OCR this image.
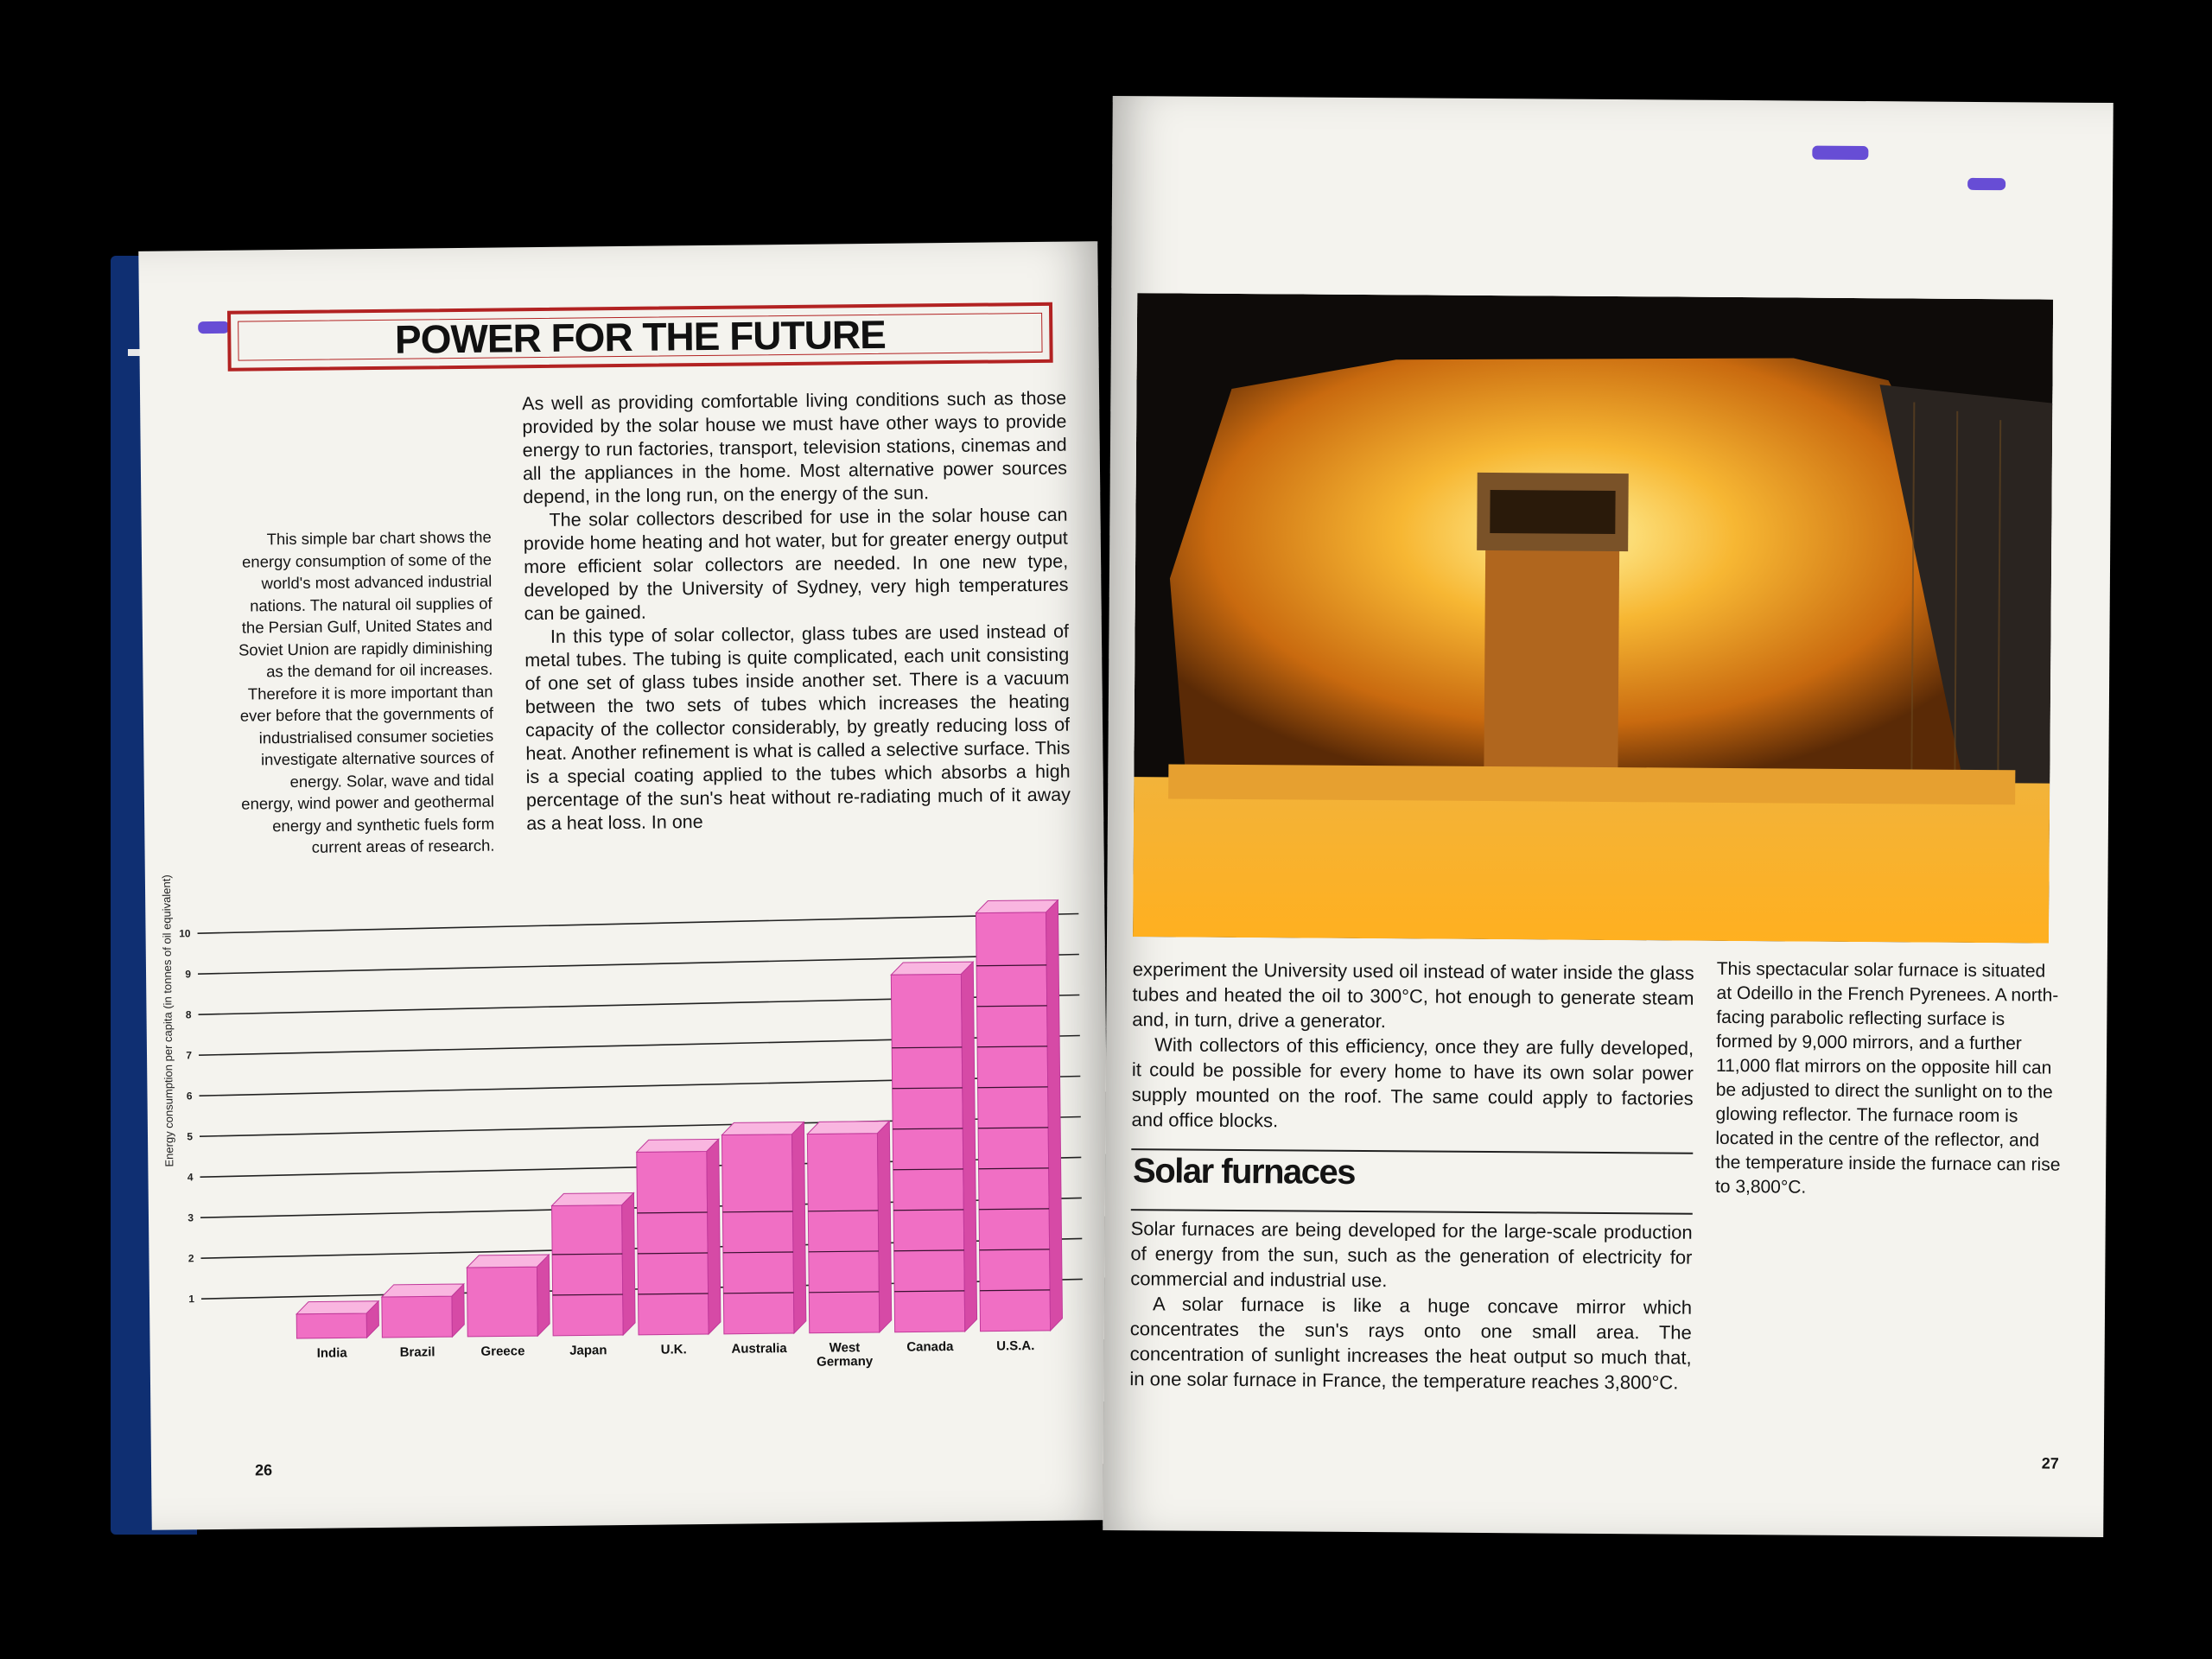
POWER FOR THE FUTURE

As well as providing comfortable living conditions such as those provided by the solar house we must have other ways to provide energy to run factories, transport, television stations, cinemas and all the appliances in the home. Most alternative power sources depend, in the long run, on the energy of the sun.

The solar collectors described for use in the solar house can provide home heating and hot water, but for greater energy output more efficient solar collectors are needed. In one new type, developed by the University of Sydney, very high temperatures can be gained.

In this type of solar collector, glass tubes are used instead of metal tubes. The tubing is quite complicated, each unit consisting of one set of glass tubes inside another set. There is a vacuum between the two sets of tubes which increases the heating capacity of the collector considerably, by greatly reducing loss of heat. Another refinement is what is called a selective surface. This is a special coating applied to the tubes which absorbs a high percentage of the sun's heat without re-radiating much of it away as a heat loss. In one

This simple bar chart shows the energy consumption of some of the world's most advanced industrial nations. The natural oil supplies of the Persian Gulf, United States and Soviet Union are rapidly diminishing as the demand for oil increases. Therefore it is more important than ever before that the governments of industrialised consumer societies investigate alternative sources of energy. Solar, wave and tidal energy, wind power and geothermal energy and synthetic fuels form current areas of research.
1
2
3
4
5
6
7
8
9
10
India	Brazil	Greece	Japan	U.K.	Australia	West
Germany
Canada	U.S.A.
Energy consumption per capita (in tonnes of oil equivalent)
26

experiment the University used oil instead of water inside the glass tubes and heated the oil to 300°C, hot enough to generate steam and, in turn, drive a generator.

With collectors of this efficiency, once they are fully developed, it could be possible for every home to have its own solar power supply mounted on the roof. The same could apply to factories and office blocks.

Solar furnaces

Solar furnaces are being developed for the large-scale production of energy from the sun, such as the generation of electricity for commercial and industrial use.

A solar furnace is like a huge concave mirror which concentrates the sun's rays onto one small area. The concentration of sunlight increases the heat output so much that, in one solar furnace in France, the temperature reaches 3,800°C.

This spectacular solar furnace is situated at Odeillo in the French Pyrenees. A north-facing parabolic reflecting surface is formed by 9,000 mirrors, and a further 11,000 flat mirrors on the opposite hill can be adjusted to direct the sunlight on to the glowing reflector. The furnace room is located in the centre of the reflector, and the temperature inside the furnace can rise to 3,800°C.
27
